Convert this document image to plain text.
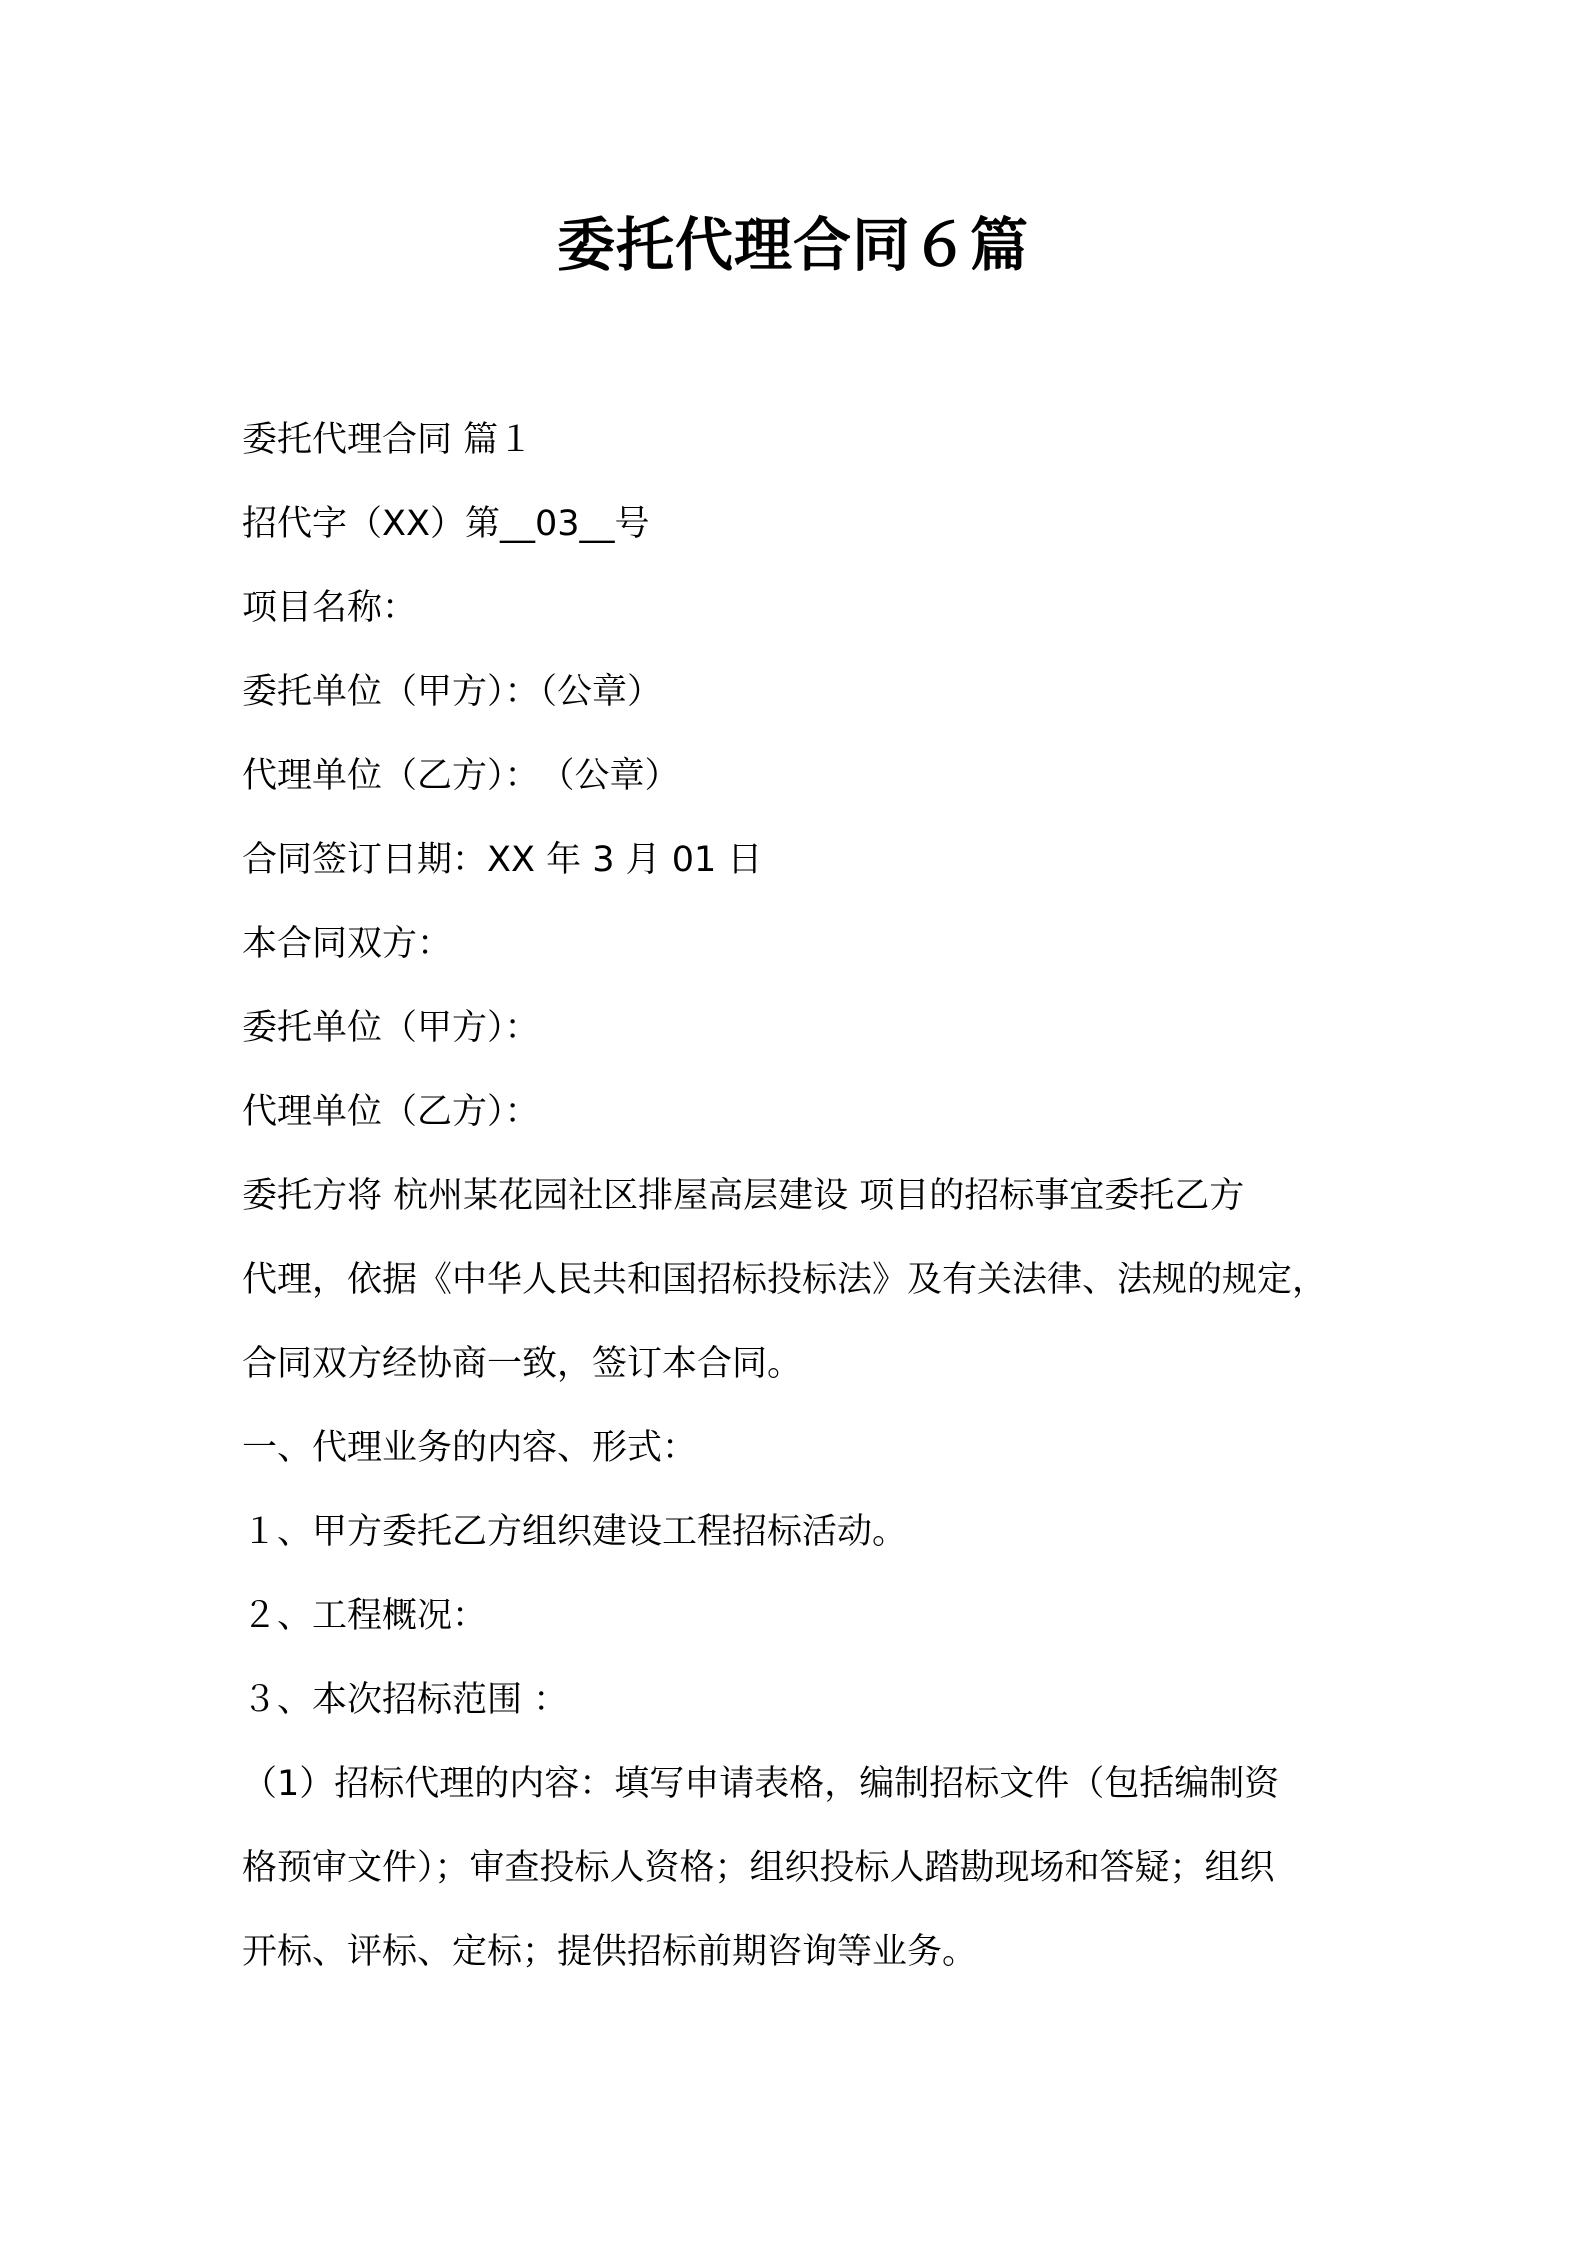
委托代理合同６篇
委托代理合同 篇１
招代字（XX）第__03__号
项目名称：
委托单位（甲方）：（公章）
代理单位（乙方）：　（公章）
合同签订日期：XX 年 3 月 01 日
本合同双方：
委托单位（甲方）：
代理单位（乙方）：
委托方将 杭州某花园社区排屋高层建设 项目的招标事宜委托乙方
代理，依据《中华人民共和国招标投标法》及有关法律、法规的规定，
合同双方经协商一致，签订本合同。
一、代理业务的内容、形式：
１、甲方委托乙方组织建设工程招标活动。
２、工程概况：
３、本次招标范围 ：
（1）招标代理的内容：填写申请表格，编制招标文件（包括编制资
格预审文件）；审查投标人资格；组织投标人踏勘现场和答疑；组织
开标、评标、定标；提供招标前期咨询等业务。
